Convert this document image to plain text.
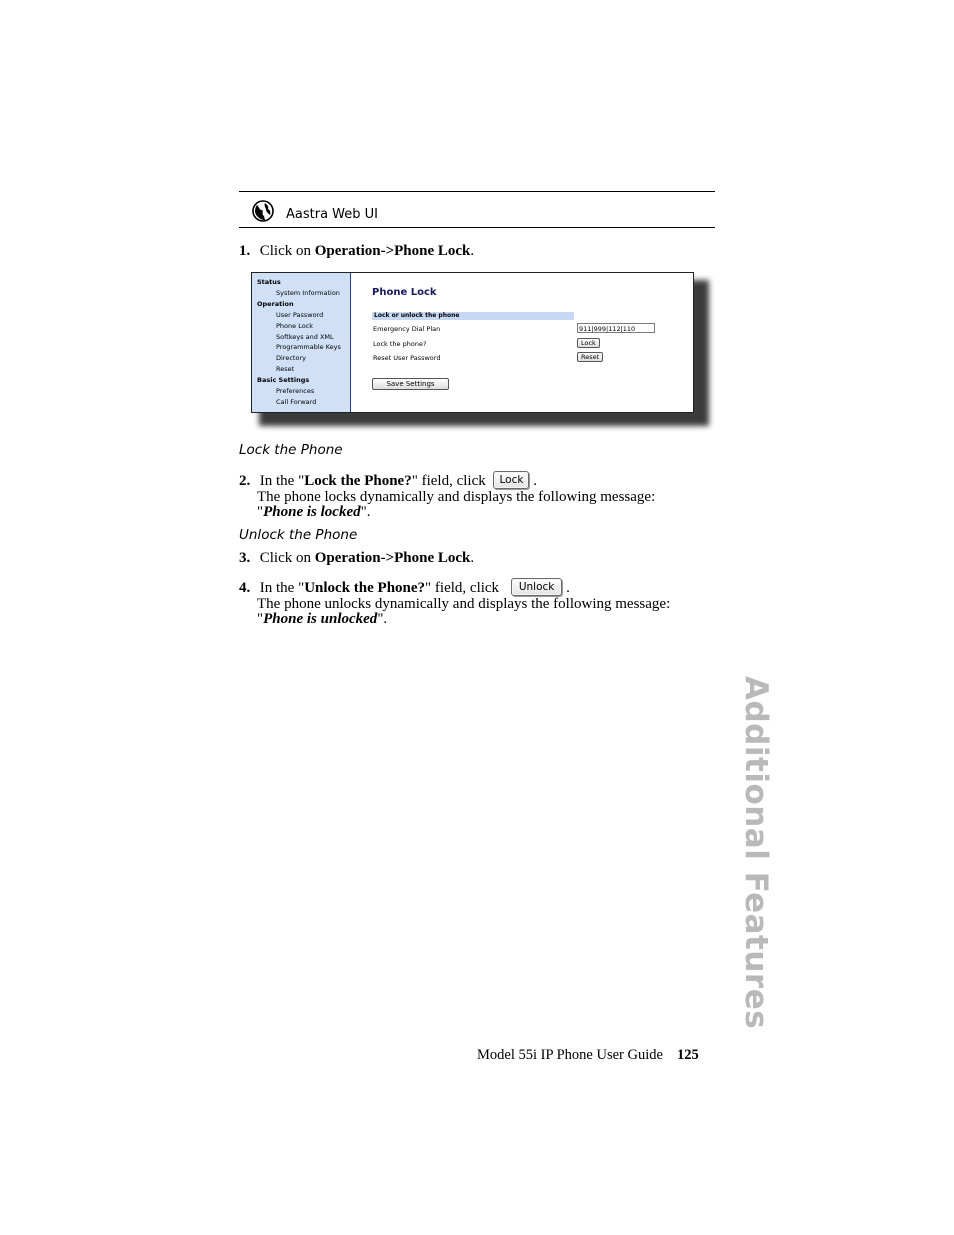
Aastra Web UI
1. Click on Operation->Phone Lock.
Status
System Information
Operation
User Password
Phone Lock
Softkeys and XML
Programmable Keys
Directory
Reset
Basic Settings
Preferences
Call Forward
Phone Lock
Lock or unlock the phone
Emergency Dial Plan	911|999|112|110
Lock the phone?	Lock
Reset User Password	Reset
Save Settings
Lock the Phone
2. In the "Lock the Phone?" field, click Lock .
The phone locks dynamically and displays the following message:
"Phone is locked".
Unlock the Phone
3. Click on Operation->Phone Lock.
4. In the "Unlock the Phone?" field, click Unlock .
The phone unlocks dynamically and displays the following message:
"Phone is unlocked".
Additional Features
Model 55i IP Phone User Guide 125
